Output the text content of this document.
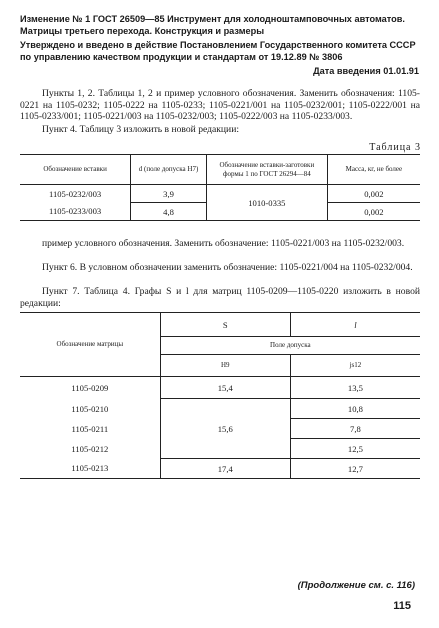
Изменение № 1 ГОСТ 26509—85 Инструмент для холодноштамповочных автоматов. Матрицы третьего перехода. Конструкция и размеры
Утверждено и введено в действие Постановлением Государственного комитета СССР по управлению качеством продукции и стандартам от 19.12.89 № 3806
Дата введения 01.01.91
Пункты 1, 2. Таблицы 1, 2 и пример условного обозначения. Заменить обозначения: 1105-0221 на 1105-0232; 1105-0222 на 1105-0233; 1105-0221/001 на 1105-0232/001; 1105-0222/001 на 1105-0233/001; 1105-0221/003 на 1105-0232/003; 1105-0222/003 на 1105-0233/003.
Пункт 4. Таблицу 3 изложить в новой редакции:
Таблица 3
Обозначение вставки	d (поле допуска Н7)	Обозначение вставки-заготовки формы 1 по ГОСТ 26294—84	Масса, кг, не более
1105-0232/003	3,9	1010-0335	0,002
1105-0233/003	4,8		0,002
пример условного обозначения. Заменить обозначение: 1105-0221/003 на 1105-0232/003.
Пункт 6. В условном обозначении заменить обозначение: 1105-0221/004 на 1105-0232/004.
Пункт 7. Таблица 4. Графы S и l для матриц 1105-0209—1105-0220 изложить в новой редакции:
Обозначение матрицы	S	l
	Поле допуска	
	Н9	js12
1105-0209	15,4	13,5
1105-0210	15,6	10,8
1105-0211		7,8
1105-0212		12,5
1105-0213	17,4	12,7
(Продолжение см. с. 116)
115
